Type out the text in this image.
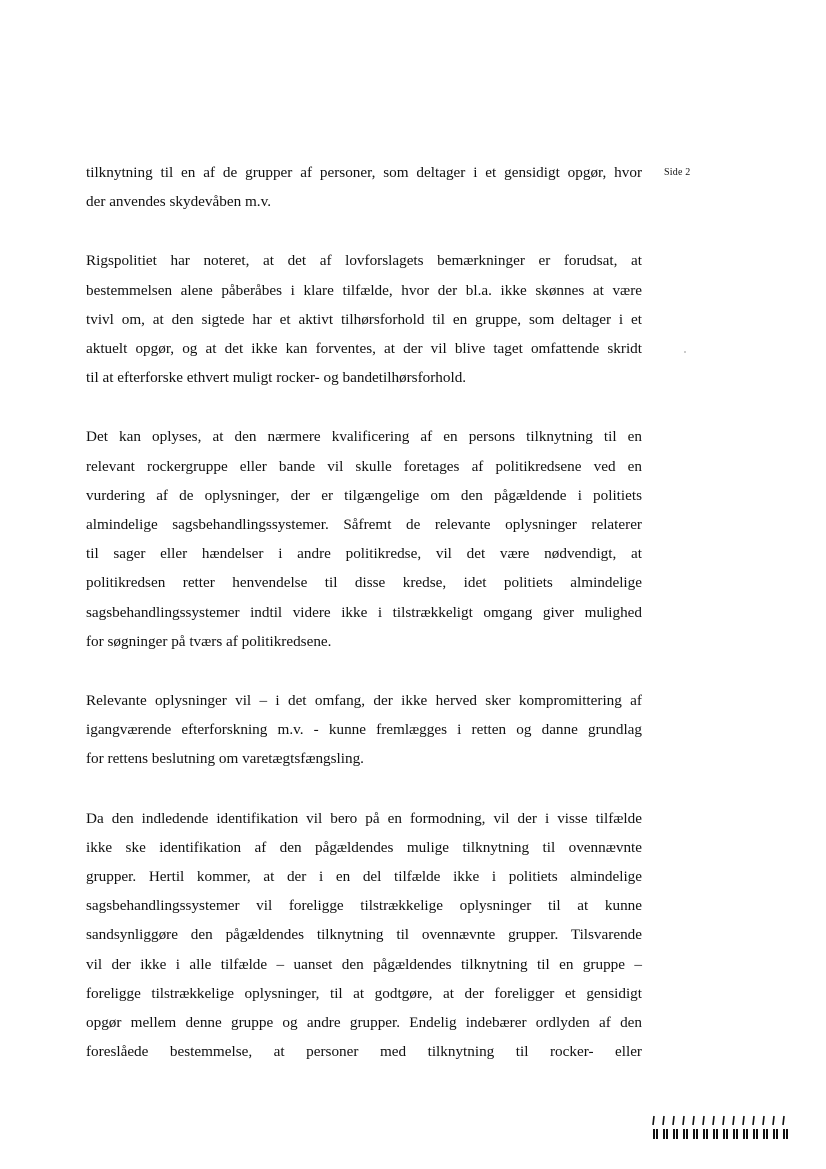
Side 2

tilknytning til en af de grupper af personer, som deltager i et gensidigt opgør, hvor
der anvendes skydevåben m.v.

Rigspolitiet har noteret, at det af lovforslagets bemærkninger er forudsat, at
bestemmelsen alene påberåbes i klare tilfælde, hvor der bl.a. ikke skønnes at være
tvivl om, at den sigtede har et aktivt tilhørsforhold til en gruppe, som deltager i et
aktuelt opgør, og at det ikke kan forventes, at der vil blive taget omfattende skridt
til at efterforske ethvert muligt rocker- og bandetilhørsforhold.

Det kan oplyses, at den nærmere kvalificering af en persons tilknytning til en
relevant rockergruppe eller bande vil skulle foretages af politikredsene ved en
vurdering af de oplysninger, der er tilgængelige om den pågældende i politiets
almindelige sagsbehandlingssystemer. Såfremt de relevante oplysninger relaterer
til sager eller hændelser i andre politikredse, vil det være nødvendigt, at
politikredsen retter henvendelse til disse kredse, idet politiets almindelige
sagsbehandlingssystemer indtil videre ikke i tilstrækkeligt omgang giver mulighed
for søgninger på tværs af politikredsene.

Relevante oplysninger vil – i det omfang, der ikke herved sker kompromittering af
igangværende efterforskning m.v. - kunne fremlægges i retten og danne grundlag
for rettens beslutning om varetægtsfængsling.

Da den indledende identifikation vil bero på en formodning, vil der i visse tilfælde
ikke ske identifikation af den pågældendes mulige tilknytning til ovennævnte
grupper. Hertil kommer, at der i en del tilfælde ikke i politiets almindelige
sagsbehandlingssystemer vil foreligge tilstrækkelige oplysninger til at kunne
sandsynliggøre den pågældendes tilknytning til ovennævnte grupper. Tilsvarende
vil der ikke i alle tilfælde – uanset den pågældendes tilknytning til en gruppe –
foreligge tilstrækkelige oplysninger, til at godtgøre, at der foreligger et gensidigt
opgør mellem denne gruppe og andre grupper. Endelig indebærer ordlyden af den
foreslåede bestemmelse, at personer med tilknytning til rocker- eller
